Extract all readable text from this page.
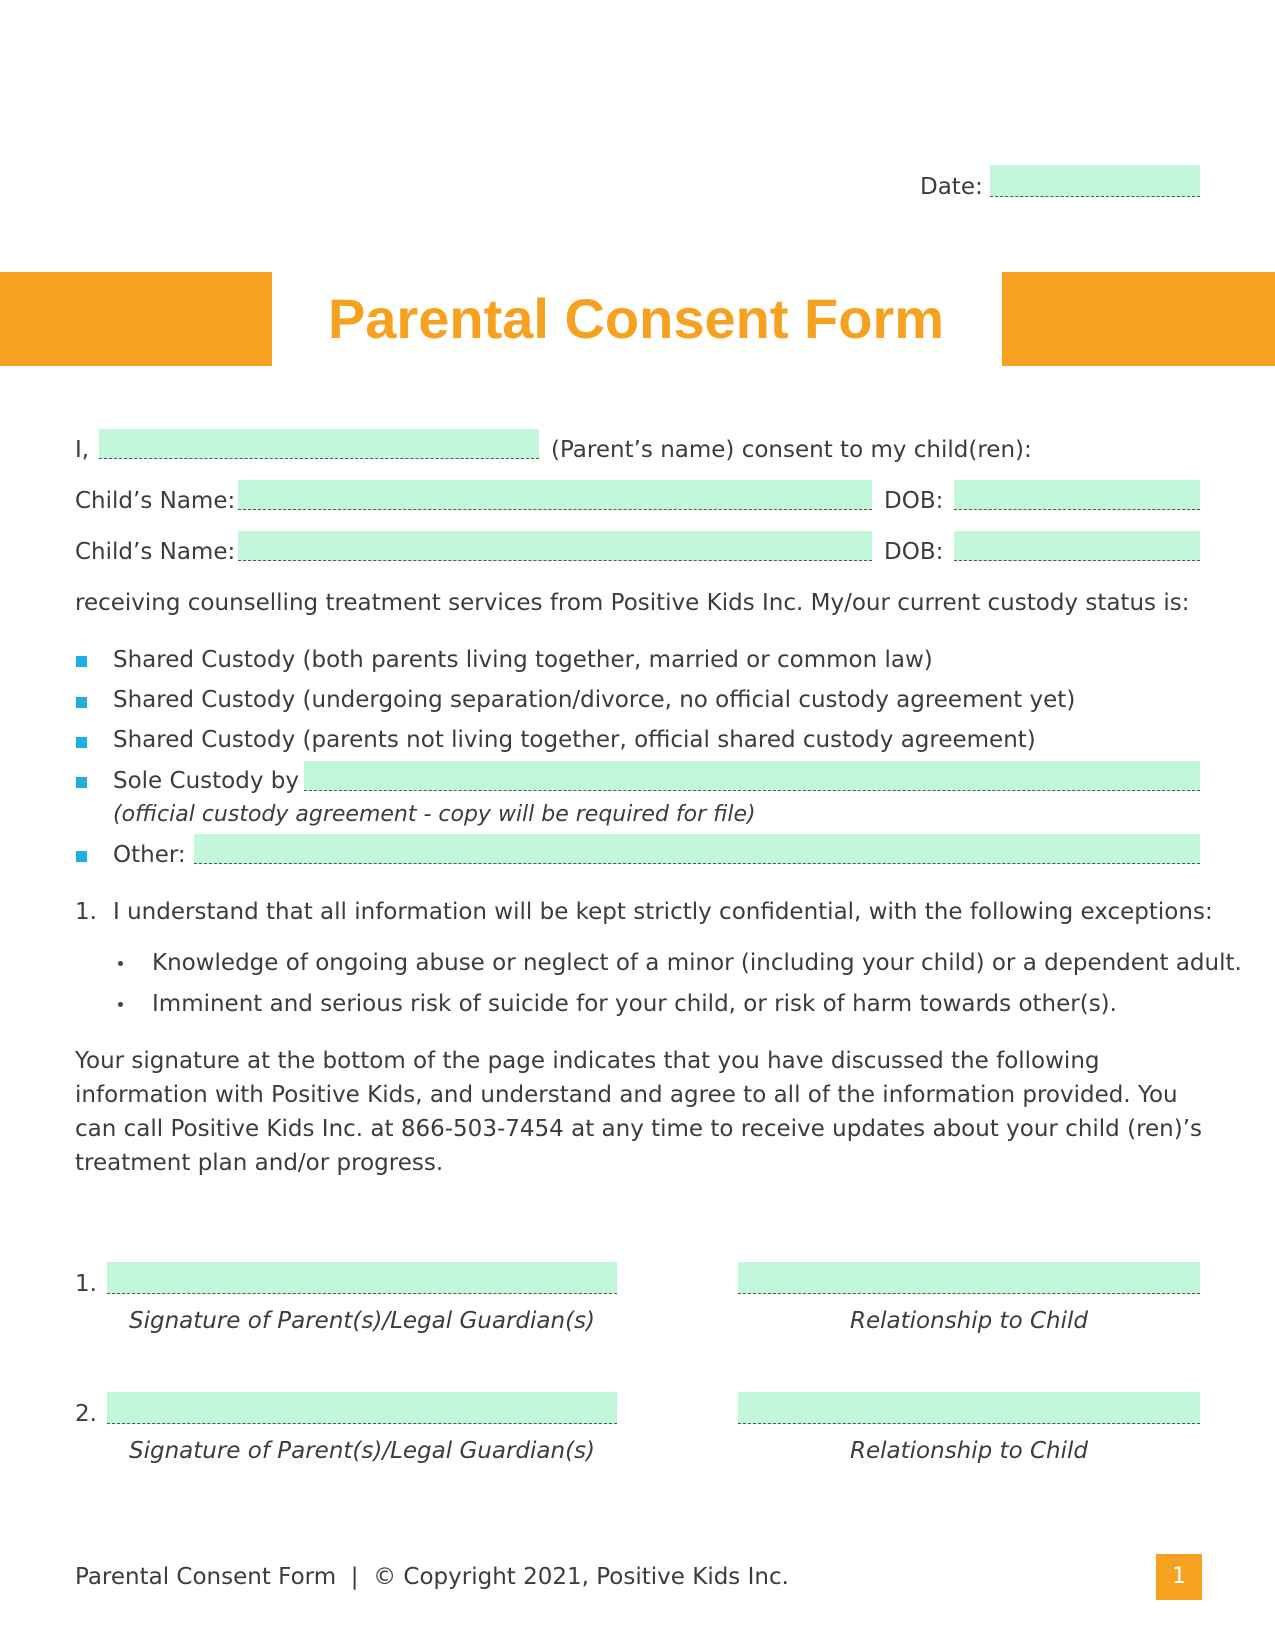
Date:
Parental Consent Form
I,	(Parent’s name) consent to my child(ren):
Child’s Name:	DOB:
Child’s Name:	DOB:
receiving counselling treatment services from Positive Kids Inc. My/our current custody status is:
Shared Custody (both parents living together, married or common law)
Shared Custody (undergoing separation/divorce, no official custody agreement yet)
Shared Custody (parents not living together, official shared custody agreement)
Sole Custody by
(official custody agreement - copy will be required for file)
Other:
1. I understand that all information will be kept strictly confidential, with the following exceptions:
Knowledge of ongoing abuse or neglect of a minor (including your child) or a dependent adult.
Imminent and serious risk of suicide for your child, or risk of harm towards other(s).

Your signature at the bottom of the page indicates that you have discussed the following information with Positive Kids, and understand and agree to all of the information provided. You can call Positive Kids Inc. at 866-503-7454 at any time to receive updates about your child (ren)’s treatment plan and/or progress.

1.
Signature of Parent(s)/Legal Guardian(s)	Relationship to Child
2.
Signature of Parent(s)/Legal Guardian(s)	Relationship to Child
Parental Consent Form  |  © Copyright 2021, Positive Kids Inc.	1
